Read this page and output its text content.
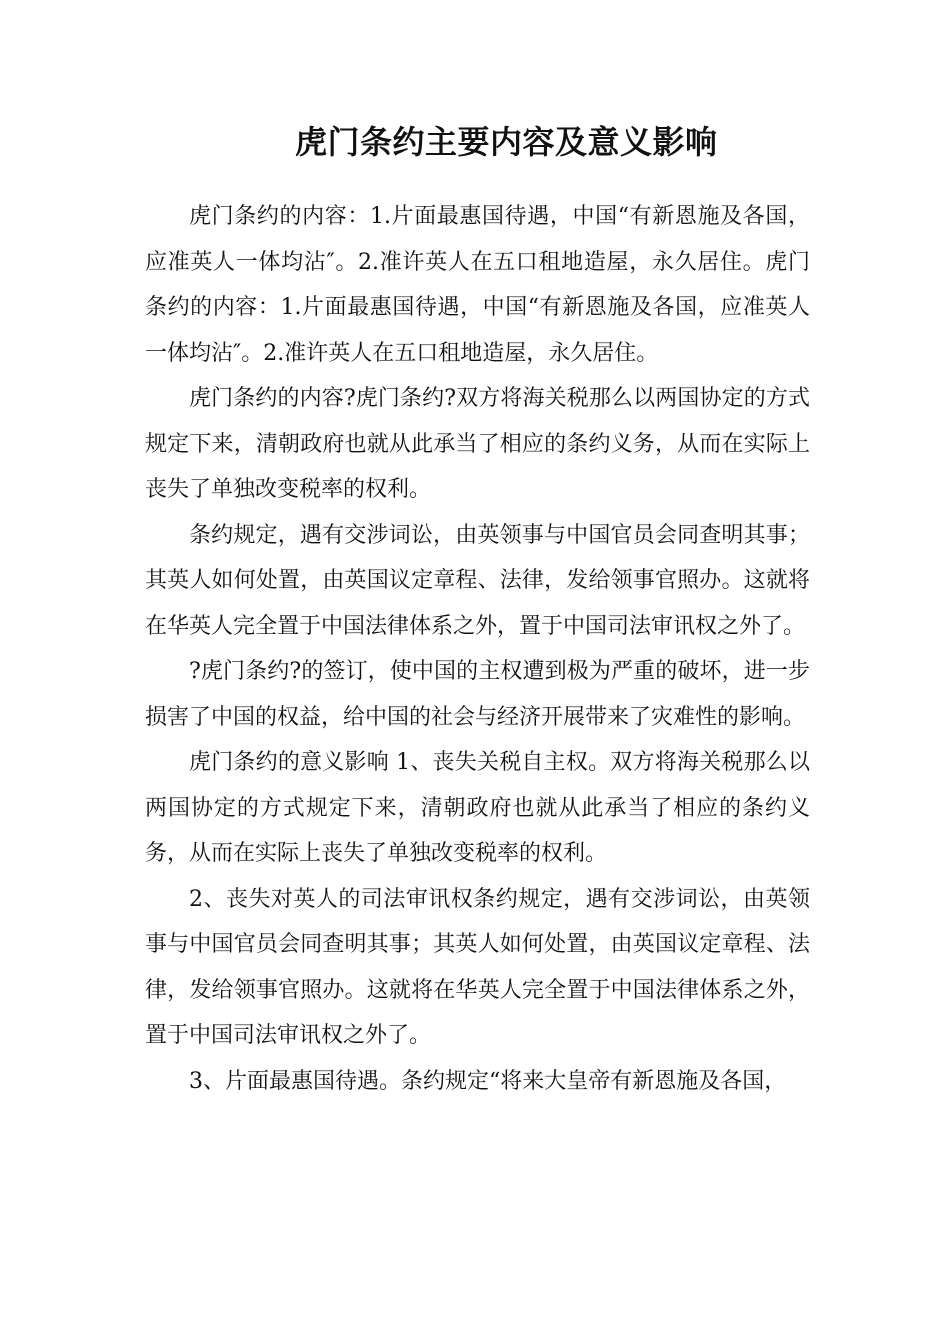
虎门条约主要内容及意义影响

虎门条约的内容：1.片面最惠国待遇，中国“有新恩施及各国，应准英人一体均沾″。2.准许英人在五口租地造屋，永久居住。虎门条约的内容：1.片面最惠国待遇，中国“有新恩施及各国，应准英人一体均沾″。2.准许英人在五口租地造屋，永久居住。

虎门条约的内容?虎门条约?双方将海关税那么以两国协定的方式规定下来，清朝政府也就从此承当了相应的条约义务，从而在实际上丧失了单独改变税率的权利。

条约规定，遇有交涉词讼，由英领事与中国官员会同查明其事；其英人如何处置，由英国议定章程、法律，发给领事官照办。这就将在华英人完全置于中国法律体系之外，置于中国司法审讯权之外了。

?虎门条约?的签订，使中国的主权遭到极为严重的破坏，进一步损害了中国的权益，给中国的社会与经济开展带来了灾难性的影响。

虎门条约的意义影响 1、丧失关税自主权。双方将海关税那么以两国协定的方式规定下来，清朝政府也就从此承当了相应的条约义务，从而在实际上丧失了单独改变税率的权利。

2、丧失对英人的司法审讯权条约规定，遇有交涉词讼，由英领事与中国官员会同查明其事；其英人如何处置，由英国议定章程、法律，发给领事官照办。这就将在华英人完全置于中国法律体系之外，置于中国司法审讯权之外了。

3、片面最惠国待遇。条约规定“将来大皇帝有新恩施及各国，
